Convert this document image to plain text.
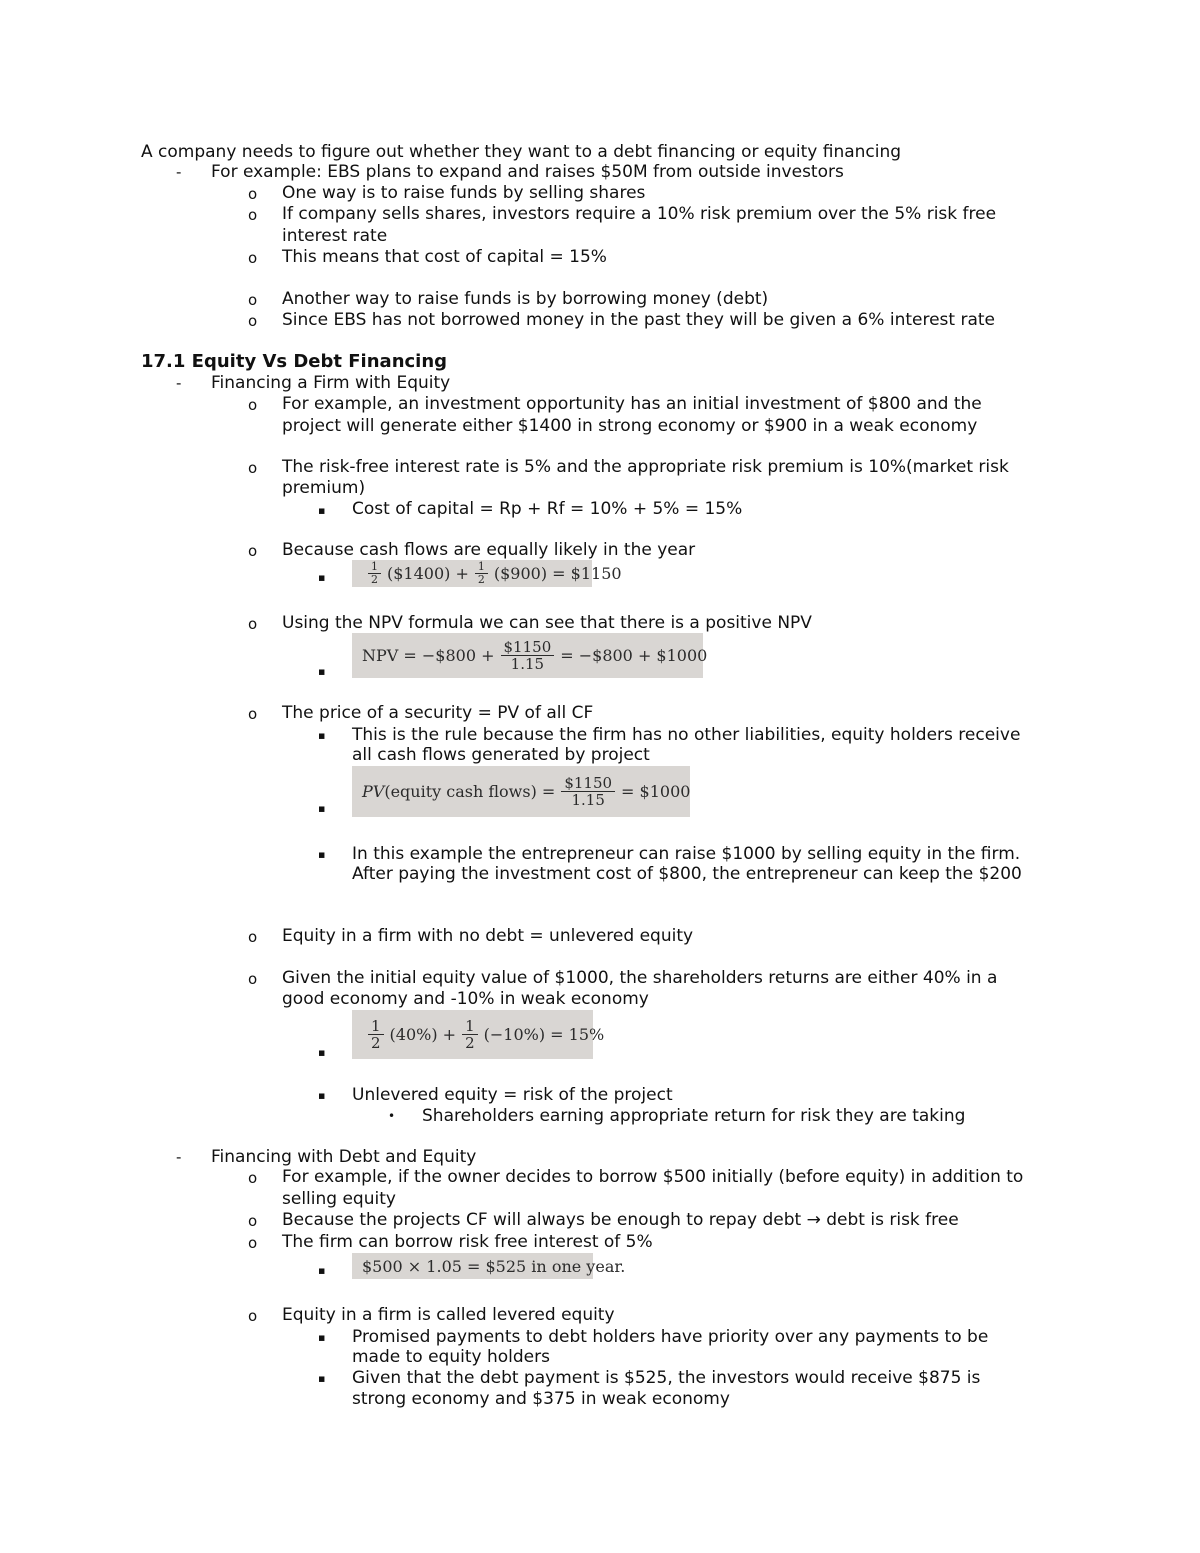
A company needs to figure out whether they want to a debt financing or equity financing
- For example: EBS plans to expand and raises $50M from outside investors
o One way is to raise funds by selling shares
o If company sells shares, investors require a 10% risk premium over the 5% risk free
interest rate
o This means that cost of capital = 15%
o Another way to raise funds is by borrowing money (debt)
o Since EBS has not borrowed money in the past they will be given a 6% interest rate
17.1 Equity Vs Debt Financing
- Financing a Firm with Equity
o For example, an investment opportunity has an initial investment of $800 and the
project will generate either $1400 in strong economy or $900 in a weak economy
o The risk-free interest rate is 5% and the appropriate risk premium is 10%(market risk
premium)
▪ Cost of capital = Rp + Rf = 10% + 5% = 15%
o Because cash flows are equally likely in the year
▪	$\frac{1}{2}$ ($1400) + $\frac{1}{2}$ ($900) = $1150
o Using the NPV formula we can see that there is a positive NPV
▪
NPV = −$800 + $\frac{\$1150}{1.15}$ = −$800 + $1000
o The price of a security = PV of all CF
▪ This is the rule because the firm has no other liabilities, equity holders receive
all cash flows generated by project
▪
PV (equity cash flows) = $\frac{\$1150}{1.15}$ = $1000
▪ In this example the entrepreneur can raise $1000 by selling equity in the firm.
After paying the investment cost of $800, the entrepreneur can keep the $200
o Equity in a firm with no debt = unlevered equity
o Given the initial equity value of $1000, the shareholders returns are either 40% in a
good economy and -10% in weak economy
▪
$\frac{1}{2} (40\%) + \frac{1}{2} (-10\%) = 15\%$
▪ Unlevered equity = risk of the project
• Shareholders earning appropriate return for risk they are taking
- Financing with Debt and Equity
o For example, if the owner decides to borrow $500 initially (before equity) in addition to
selling equity
o Because the projects CF will always be enough to repay debt → debt is risk free
o The firm can borrow risk free interest of 5%
▪ $500 × 1.05 = $525 in one year.
o Equity in a firm is called levered equity
▪ Promised payments to debt holders have priority over any payments to be
made to equity holders
▪ Given that the debt payment is $525, the investors would receive $875 is
strong economy and $375 in weak economy
